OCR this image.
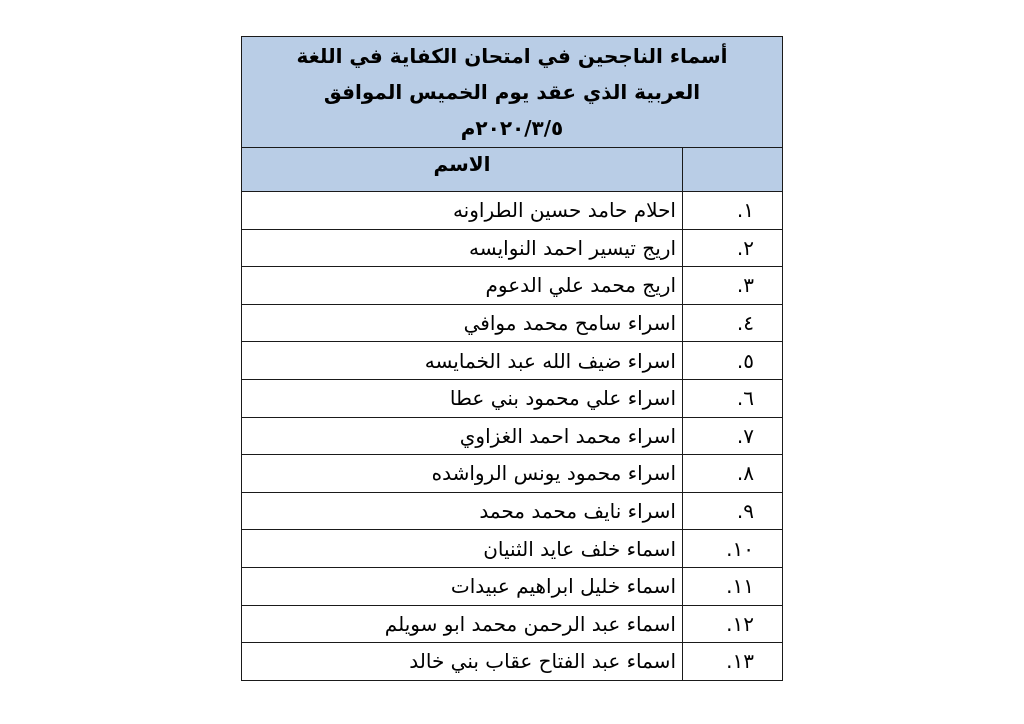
أسماء الناجحين في امتحان الكفاية في اللغة
العربية الذي عقد يوم الخميس الموافق
٢٠٢٠/٣/٥م	

	الاسم
١.	احلام حامد حسين الطراونه
٢.	اريج تيسير احمد النوايسه
٣.	اريج محمد علي الدعوم
٤.	اسراء سامح محمد موافي
٥.	اسراء ضيف الله عبد الخمايسه
٦.	اسراء علي محمود بني عطا
٧.	اسراء محمد احمد الغزاوي
٨.	اسراء محمود يونس الرواشده
٩.	اسراء نايف محمد محمد
١٠.	اسماء خلف عايد الثنيان
١١.	اسماء خليل ابراهيم عبيدات
١٢.	اسماء عبد الرحمن محمد ابو سويلم
١٣.	اسماء عبد الفتاح عقاب بني خالد
